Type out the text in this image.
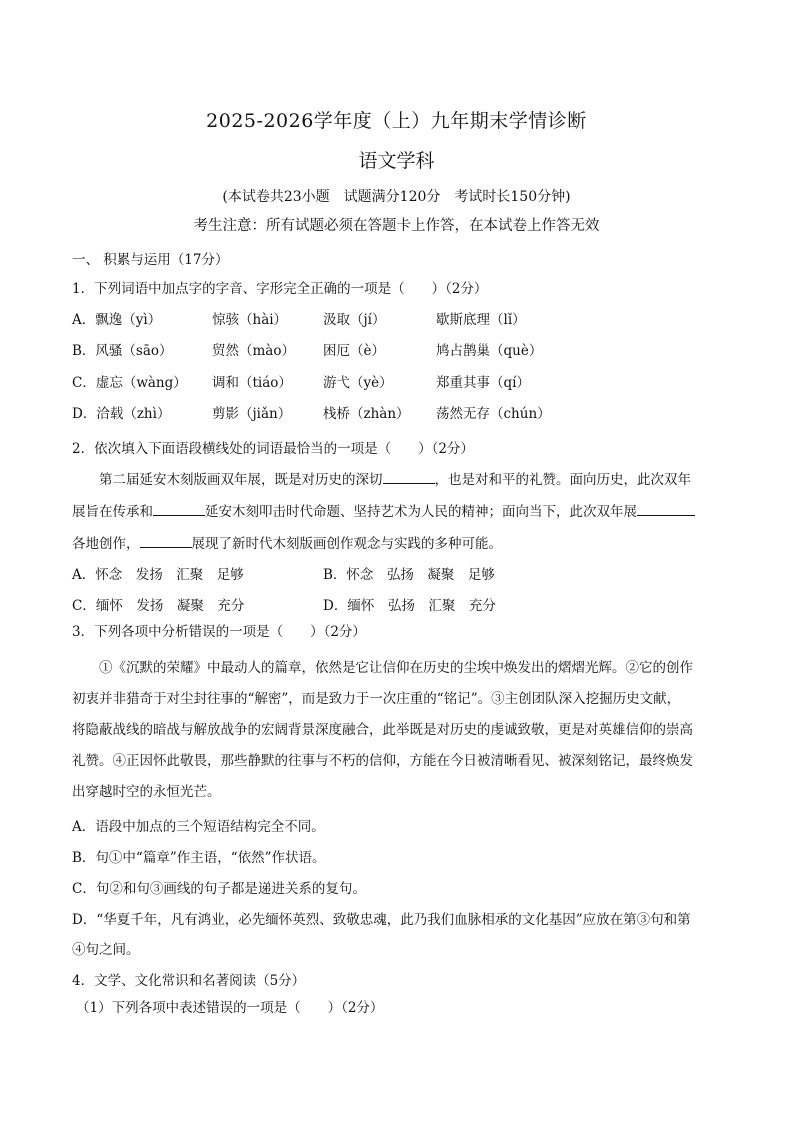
2025-2026学年度（上）九年期末学情诊断
语文学科
(本试卷共23小题　试题满分120分　考试时长150分钟)
考生注意：所有试题必须在答题卡上作答，在本试卷上作答无效
一、 积累与运用（17分）
1．下列词语中加点字的字音、字形完全正确的一项是（　　）（2分）
A．飘逸（yì）	惊骇（hài）	汲取（jí）	歇斯底理（lǐ）
B．风骚（sāo）	贸然（mào） 困厄（è）	鸠占鹊巢（què）
C．虚忘（wàng） 调和（tiáo） 游弋（yè）	郑重其事（qí）
D．洽载（zhì）	剪影（jiǎn） 栈桥（zhàn） 荡然无存（chún）
2．依次填入下面语段横线处的词语最恰当的一项是（　　）（2分）
第二届延安木刻版画双年展，既是对历史的深切	，也是对和平的礼赞。面向历史，此次双年
展旨在传承和	延安木刻叩击时代命题、坚持艺术为人民的精神；面向当下，此次双年展
各地创作，	展现了新时代木刻版画创作观念与实践的多种可能。
A．怀念　发扬　汇聚　足够	B．怀念　弘扬　凝聚　足够
C．缅怀　发扬　凝聚　充分	D．缅怀　弘扬　汇聚　充分
3．下列各项中分析错误的一项是（　　）（2分）
①《沉默的荣耀》中最动人的篇章，依然是它让信仰在历史的尘埃中焕发出的熠熠光辉。②它的创作
初衷并非猎奇于对尘封往事的“解密”，而是致力于一次庄重的“铭记”。③主创团队深入挖掘历史文献，
将隐蔽战线的暗战与解放战争的宏阔背景深度融合，此举既是对历史的虔诚致敬，更是对英雄信仰的崇高
礼赞。④正因怀此敬畏，那些静默的往事与不朽的信仰，方能在今日被清晰看见、被深刻铭记，最终焕发
出穿越时空的永恒光芒。
A．语段中加点的三个短语结构完全不同。
B．句①中“篇章”作主语，“依然”作状语。
C．句②和句③画线的句子都是递进关系的复句。
D．“华夏千年，凡有鸿业，必先缅怀英烈、致敬忠魂，此乃我们血脉相承的文化基因”应放在第③句和第
④句之间。
4．文学、文化常识和名著阅读（5分）
（1）下列各项中表述错误的一项是（　　）（2分）
